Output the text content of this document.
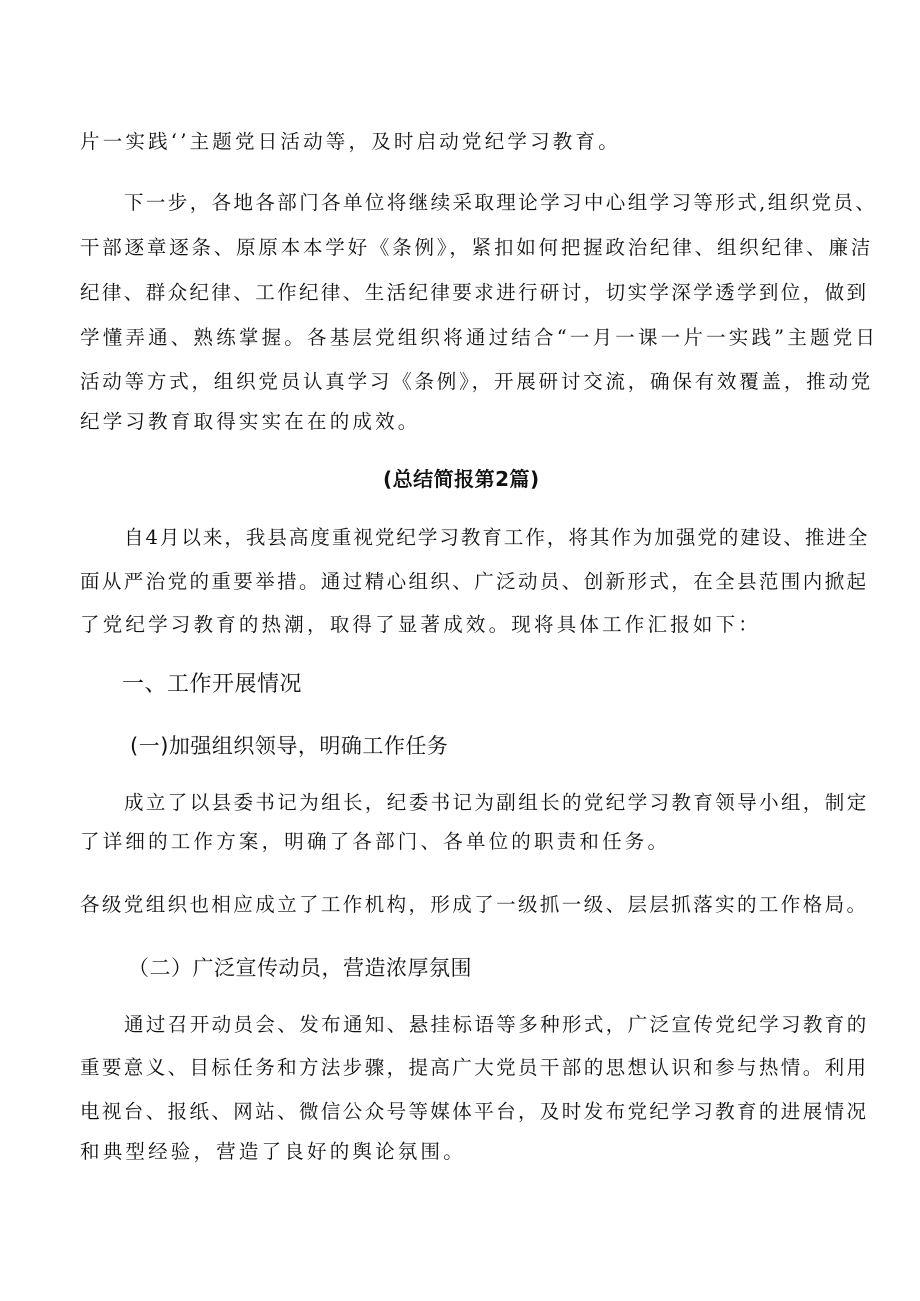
片一实践‘’主题党日活动等，及时启动党纪学习教育。
下一步，各地各部门各单位将继续采取理论学习中心组学习等形式,组织党员、
干部逐章逐条、原原本本学好《条例》，紧扣如何把握政治纪律、组织纪律、廉洁
纪律、群众纪律、工作纪律、生活纪律要求进行研讨，切实学深学透学到位，做到
学懂弄通、熟练掌握。各基层党组织将通过结合“一月一课一片一实践”主题党日
活动等方式，组织党员认真学习《条例》，开展研讨交流，确保有效覆盖，推动党
纪学习教育取得实实在在的成效。
(总结简报第2篇)
自4月以来，我县高度重视党纪学习教育工作，将其作为加强党的建设、推进全
面从严治党的重要举措。通过精心组织、广泛动员、创新形式，在全县范围内掀起
了党纪学习教育的热潮，取得了显著成效。现将具体工作汇报如下：
一、工作开展情况
(一)加强组织领导，明确工作任务
成立了以县委书记为组长，纪委书记为副组长的党纪学习教育领导小组，制定
了详细的工作方案，明确了各部门、各单位的职责和任务。
各级党组织也相应成立了工作机构，形成了一级抓一级、层层抓落实的工作格局。
（二）广泛宣传动员，营造浓厚氛围
通过召开动员会、发布通知、悬挂标语等多种形式，广泛宣传党纪学习教育的
重要意义、目标任务和方法步骤，提高广大党员干部的思想认识和参与热情。利用
电视台、报纸、网站、微信公众号等媒体平台，及时发布党纪学习教育的进展情况
和典型经验，营造了良好的舆论氛围。
